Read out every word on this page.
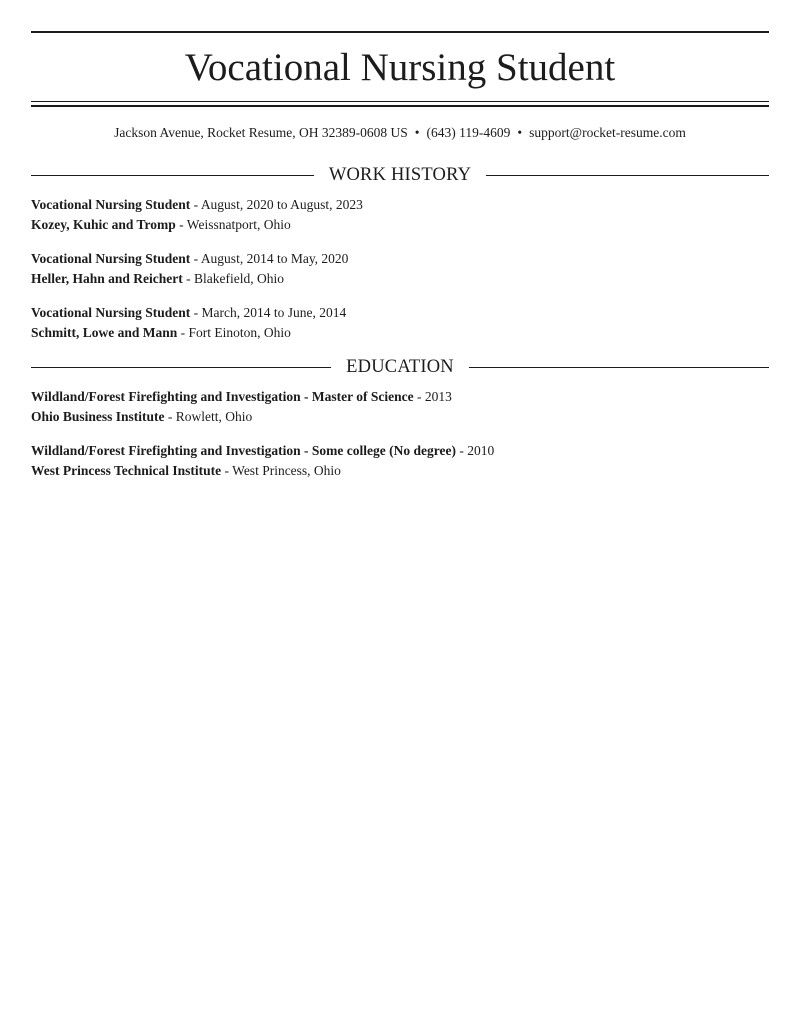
Vocational Nursing Student
Jackson Avenue, Rocket Resume, OH 32389-0608 US • (643) 119-4609 • support@rocket-resume.com
WORK HISTORY
Vocational Nursing Student - August, 2020 to August, 2023
Kozey, Kuhic and Tromp - Weissnatport, Ohio
Vocational Nursing Student - August, 2014 to May, 2020
Heller, Hahn and Reichert - Blakefield, Ohio
Vocational Nursing Student - March, 2014 to June, 2014
Schmitt, Lowe and Mann - Fort Einoton, Ohio
EDUCATION
Wildland/Forest Firefighting and Investigation - Master of Science - 2013
Ohio Business Institute - Rowlett, Ohio
Wildland/Forest Firefighting and Investigation - Some college (No degree) - 2010
West Princess Technical Institute - West Princess, Ohio
